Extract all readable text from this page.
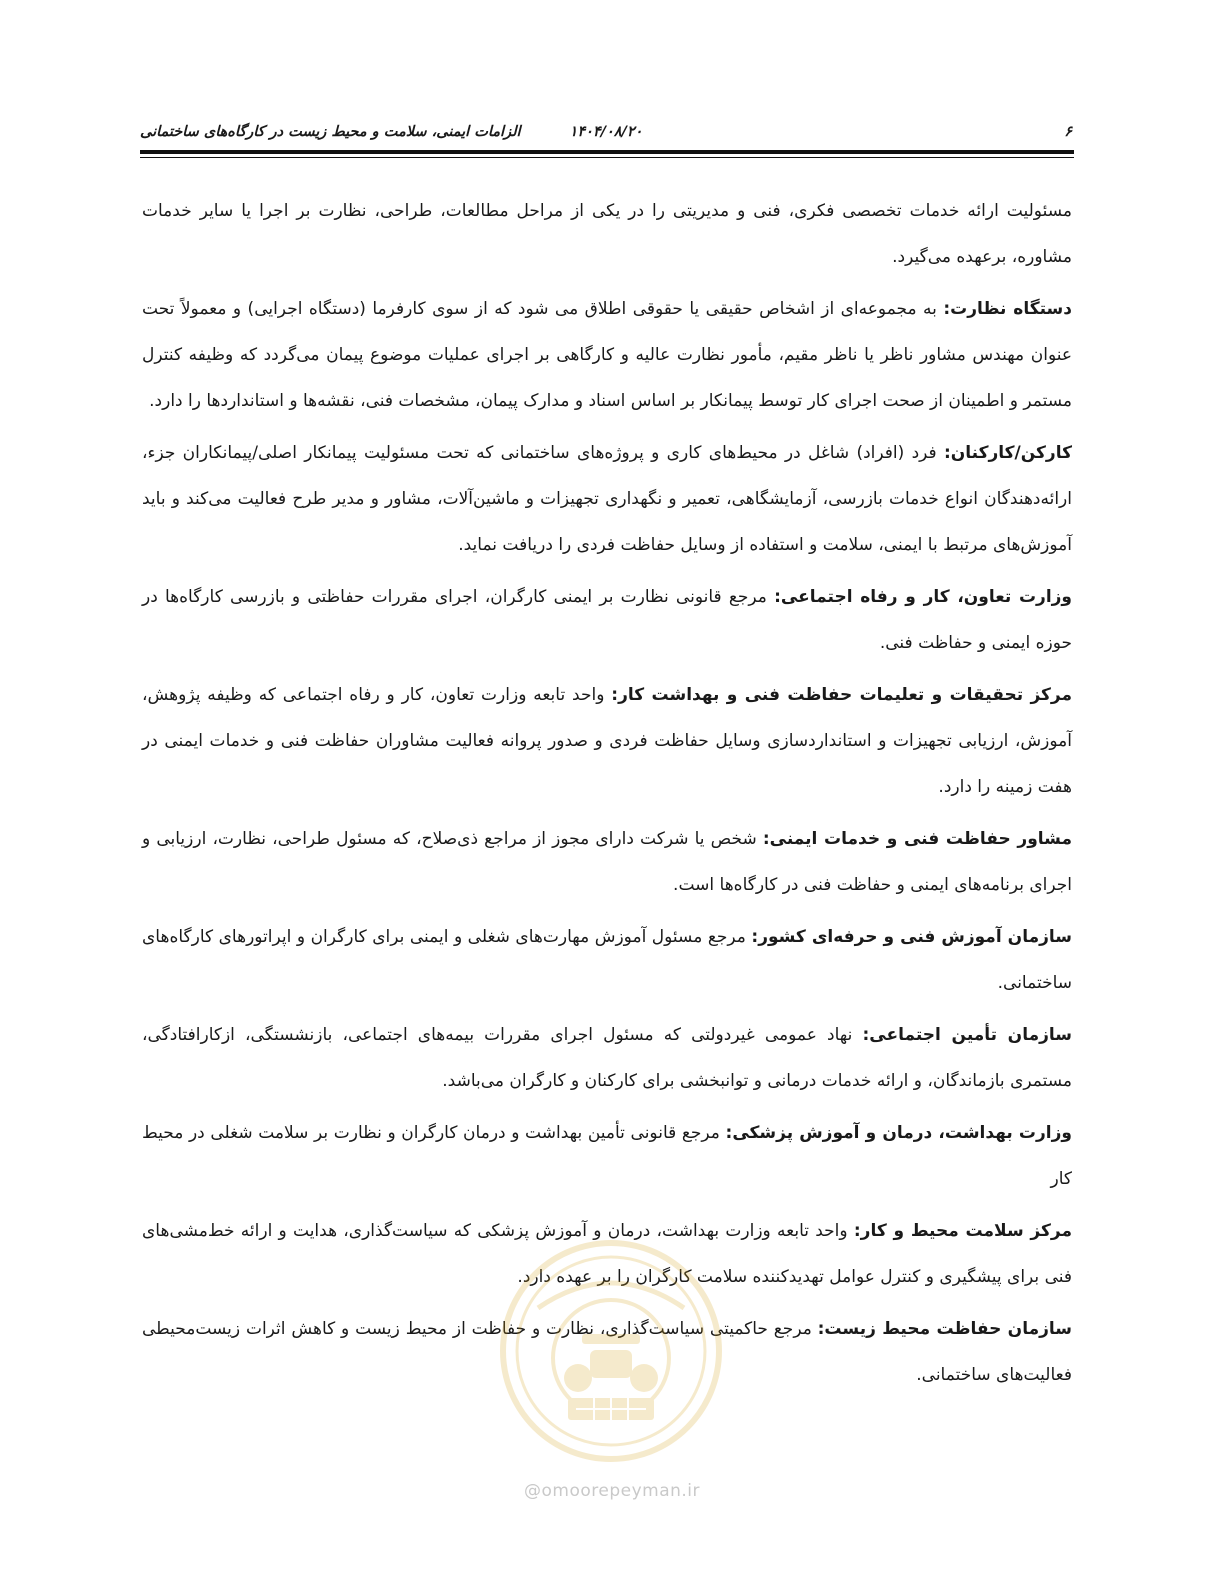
۶
۱۴۰۴/۰۸/۲۰
الزامات ایمنی، سلامت و محیط زیست در کارگاه‌های ساختمانی

مسئولیت ارائه خدمات تخصصی فکری، فنی و مدیریتی را در یکی از مراحل مطالعات، طراحی، نظارت بر اجرا یا سایر خدمات مشاوره، برعهده می‌گیرد.

دستگاه نظارت: به مجموعه‌ای از اشخاص حقیقی یا حقوقی اطلاق می شود که از سوی کارفرما (دستگاه اجرایی) و معمولاً تحت عنوان مهندس مشاور ناظر یا ناظر مقیم، مأمور نظارت عالیه و کارگاهی بر اجرای عملیات موضوع پیمان می‌گردد که وظیفه کنترل مستمر و اطمینان از صحت اجرای کار توسط پیمانکار بر اساس اسناد و مدارک پیمان، مشخصات فنی، نقشه‌ها و استانداردها را دارد.

کارکن/کارکنان: فرد (افراد) شاغل در محیط‌های کاری و پروژه‌های ساختمانی که تحت مسئولیت پیمانکار اصلی/پیمانکاران جزء، ارائه‌دهندگان انواع خدمات بازرسی، آزمایشگاهی، تعمیر و نگهداری تجهیزات و ماشین‌آلات، مشاور و مدیر طرح فعالیت می‌کند و باید آموزش‌های مرتبط با ایمنی، سلامت و استفاده از وسایل حفاظت فردی را دریافت نماید.

وزارت تعاون، کار و رفاه اجتماعی: مرجع قانونی نظارت بر ایمنی کارگران، اجرای مقررات حفاظتی و بازرسی کارگاه‌ها در حوزه ایمنی و حفاظت فنی.

مرکز تحقیقات و تعلیمات حفاظت فنی و بهداشت کار: واحد تابعه وزارت تعاون، کار و رفاه اجتماعی که وظیفه پژوهش، آموزش، ارزیابی تجهیزات و استانداردسازی وسایل حفاظت فردی و صدور پروانه فعالیت مشاوران حفاظت فنی و خدمات ایمنی در هفت زمینه را دارد.

مشاور حفاظت فنی و خدمات ایمنی: شخص یا شرکت دارای مجوز از مراجع ذی‌صلاح، که مسئول طراحی، نظارت، ارزیابی و اجرای برنامه‌های ایمنی و حفاظت فنی در کارگاه‌ها است.

سازمان آموزش فنی و حرفه‌ای کشور: مرجع مسئول آموزش مهارت‌های شغلی و ایمنی برای کارگران و اپراتورهای کارگاه‌های ساختمانی.

سازمان تأمین اجتماعی: نهاد عمومی غیردولتی که مسئول اجرای مقررات بیمه‌های اجتماعی، بازنشستگی، ازکارافتادگی، مستمری بازماندگان، و ارائه خدمات درمانی و توانبخشی برای کارکنان و کارگران می‌باشد.

وزارت بهداشت، درمان و آموزش پزشکی: مرجع قانونی تأمین بهداشت و درمان کارگران و نظارت بر سلامت شغلی در محیط کار

مرکز سلامت محیط و کار: واحد تابعه وزارت بهداشت، درمان و آموزش پزشکی که سیاست‌گذاری، هدایت و ارائه خط‌مشی‌های فنی برای پیشگیری و کنترل عوامل تهدیدکننده سلامت کارگران را بر عهده دارد.

سازمان حفاظت محیط زیست: مرجع حاکمیتی سیاست‌گذاری، نظارت و حفاظت از محیط زیست و کاهش اثرات زیست‌محیطی فعالیت‌های ساختمانی.

@omoorepeyman.ir
